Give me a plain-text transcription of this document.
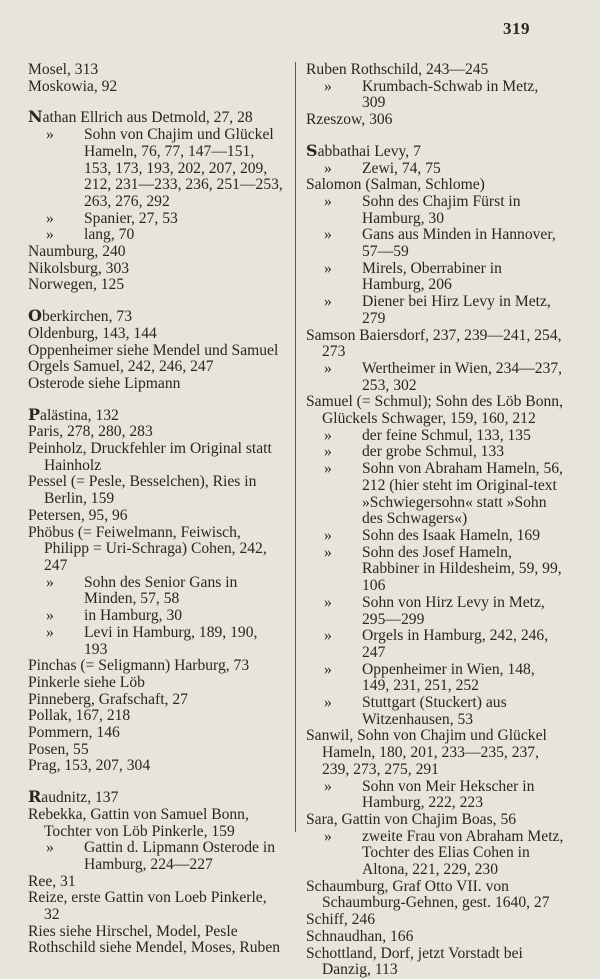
319
Mosel, 313
Moskowia, 92
Nathan Ellrich aus Detmold, 27, 28
» Sohn von Chajim und Glückel Hameln, 76, 77, 147—151, 153, 173, 193, 202, 207, 209, 212, 231—233, 236, 251—253, 263, 276, 292
» Spanier, 27, 53
» lang, 70
Naumburg, 240
Nikolsburg, 303
Norwegen, 125
Oberkirchen, 73
Oldenburg, 143, 144
Oppenheimer siehe Mendel und Samuel
Orgels Samuel, 242, 246, 247
Osterode siehe Lipmann
Palästina, 132
Paris, 278, 280, 283
Peinholz, Druckfehler im Original statt Hainholz
Pessel (= Pesle, Besselchen), Ries in Berlin, 159
Petersen, 95, 96
Phöbus (= Feiwelmann, Feiwisch, Philipp = Uri-Schraga) Cohen, 242, 247
» Sohn des Senior Gans in Minden, 57, 58
» in Hamburg, 30
» Levi in Hamburg, 189, 190, 193
Pinchas (= Seligmann) Harburg, 73
Pinkerle siehe Löb
Pinneberg, Grafschaft, 27
Pollak, 167, 218
Pommern, 146
Posen, 55
Prag, 153, 207, 304
Raudnitz, 137
Rebekka, Gattin von Samuel Bonn, Tochter von Löb Pinkerle, 159
» Gattin d. Lipmann Osterode in Hamburg, 224—227
Ree, 31
Reize, erste Gattin von Loeb Pinkerle, 32
Ries siehe Hirschel, Model, Pesle
Rothschild siehe Mendel, Moses, Ruben
Ruben Rothschild, 243—245
» Krumbach-Schwab in Metz, 309
Rzeszow, 306
Sabbathai Levy, 7
» Zewi, 74, 75
Salomon (Salman, Schlome)
» Sohn des Chajim Fürst in Hamburg, 30
» Gans aus Minden in Hannover, 57—59
» Mirels, Oberrabiner in Hamburg, 206
» Diener bei Hirz Levy in Metz, 279
Samson Baiersdorf, 237, 239—241, 254, 273
» Wertheimer in Wien, 234—237, 253, 302
Samuel (= Schmul); Sohn des Löb Bonn, Glückels Schwager, 159, 160, 212
» der feine Schmul, 133, 135
» der grobe Schmul, 133
» Sohn von Abraham Hameln, 56, 212 (hier steht im Original-text »Schwiegersohn« statt »Sohn des Schwagers«)
» Sohn des Isaak Hameln, 169
» Sohn des Josef Hameln, Rabbiner in Hildesheim, 59, 99, 106
» Sohn von Hirz Levy in Metz, 295—299
» Orgels in Hamburg, 242, 246, 247
» Oppenheimer in Wien, 148, 149, 231, 251, 252
» Stuttgart (Stuckert) aus Witzenhausen, 53
Sanwil, Sohn von Chajim und Glückel Hameln, 180, 201, 233—235, 237, 239, 273, 275, 291
» Sohn von Meir Hekscher in Hamburg, 222, 223
Sara, Gattin von Chajim Boas, 56
» zweite Frau von Abraham Metz, Tochter des Elias Cohen in Altona, 221, 229, 230
Schaumburg, Graf Otto VII. von Schaumburg-Gehnen, gest. 1640, 27
Schiff, 246
Schnaudhan, 166
Schottland, Dorf, jetzt Vorstadt bei Danzig, 113
